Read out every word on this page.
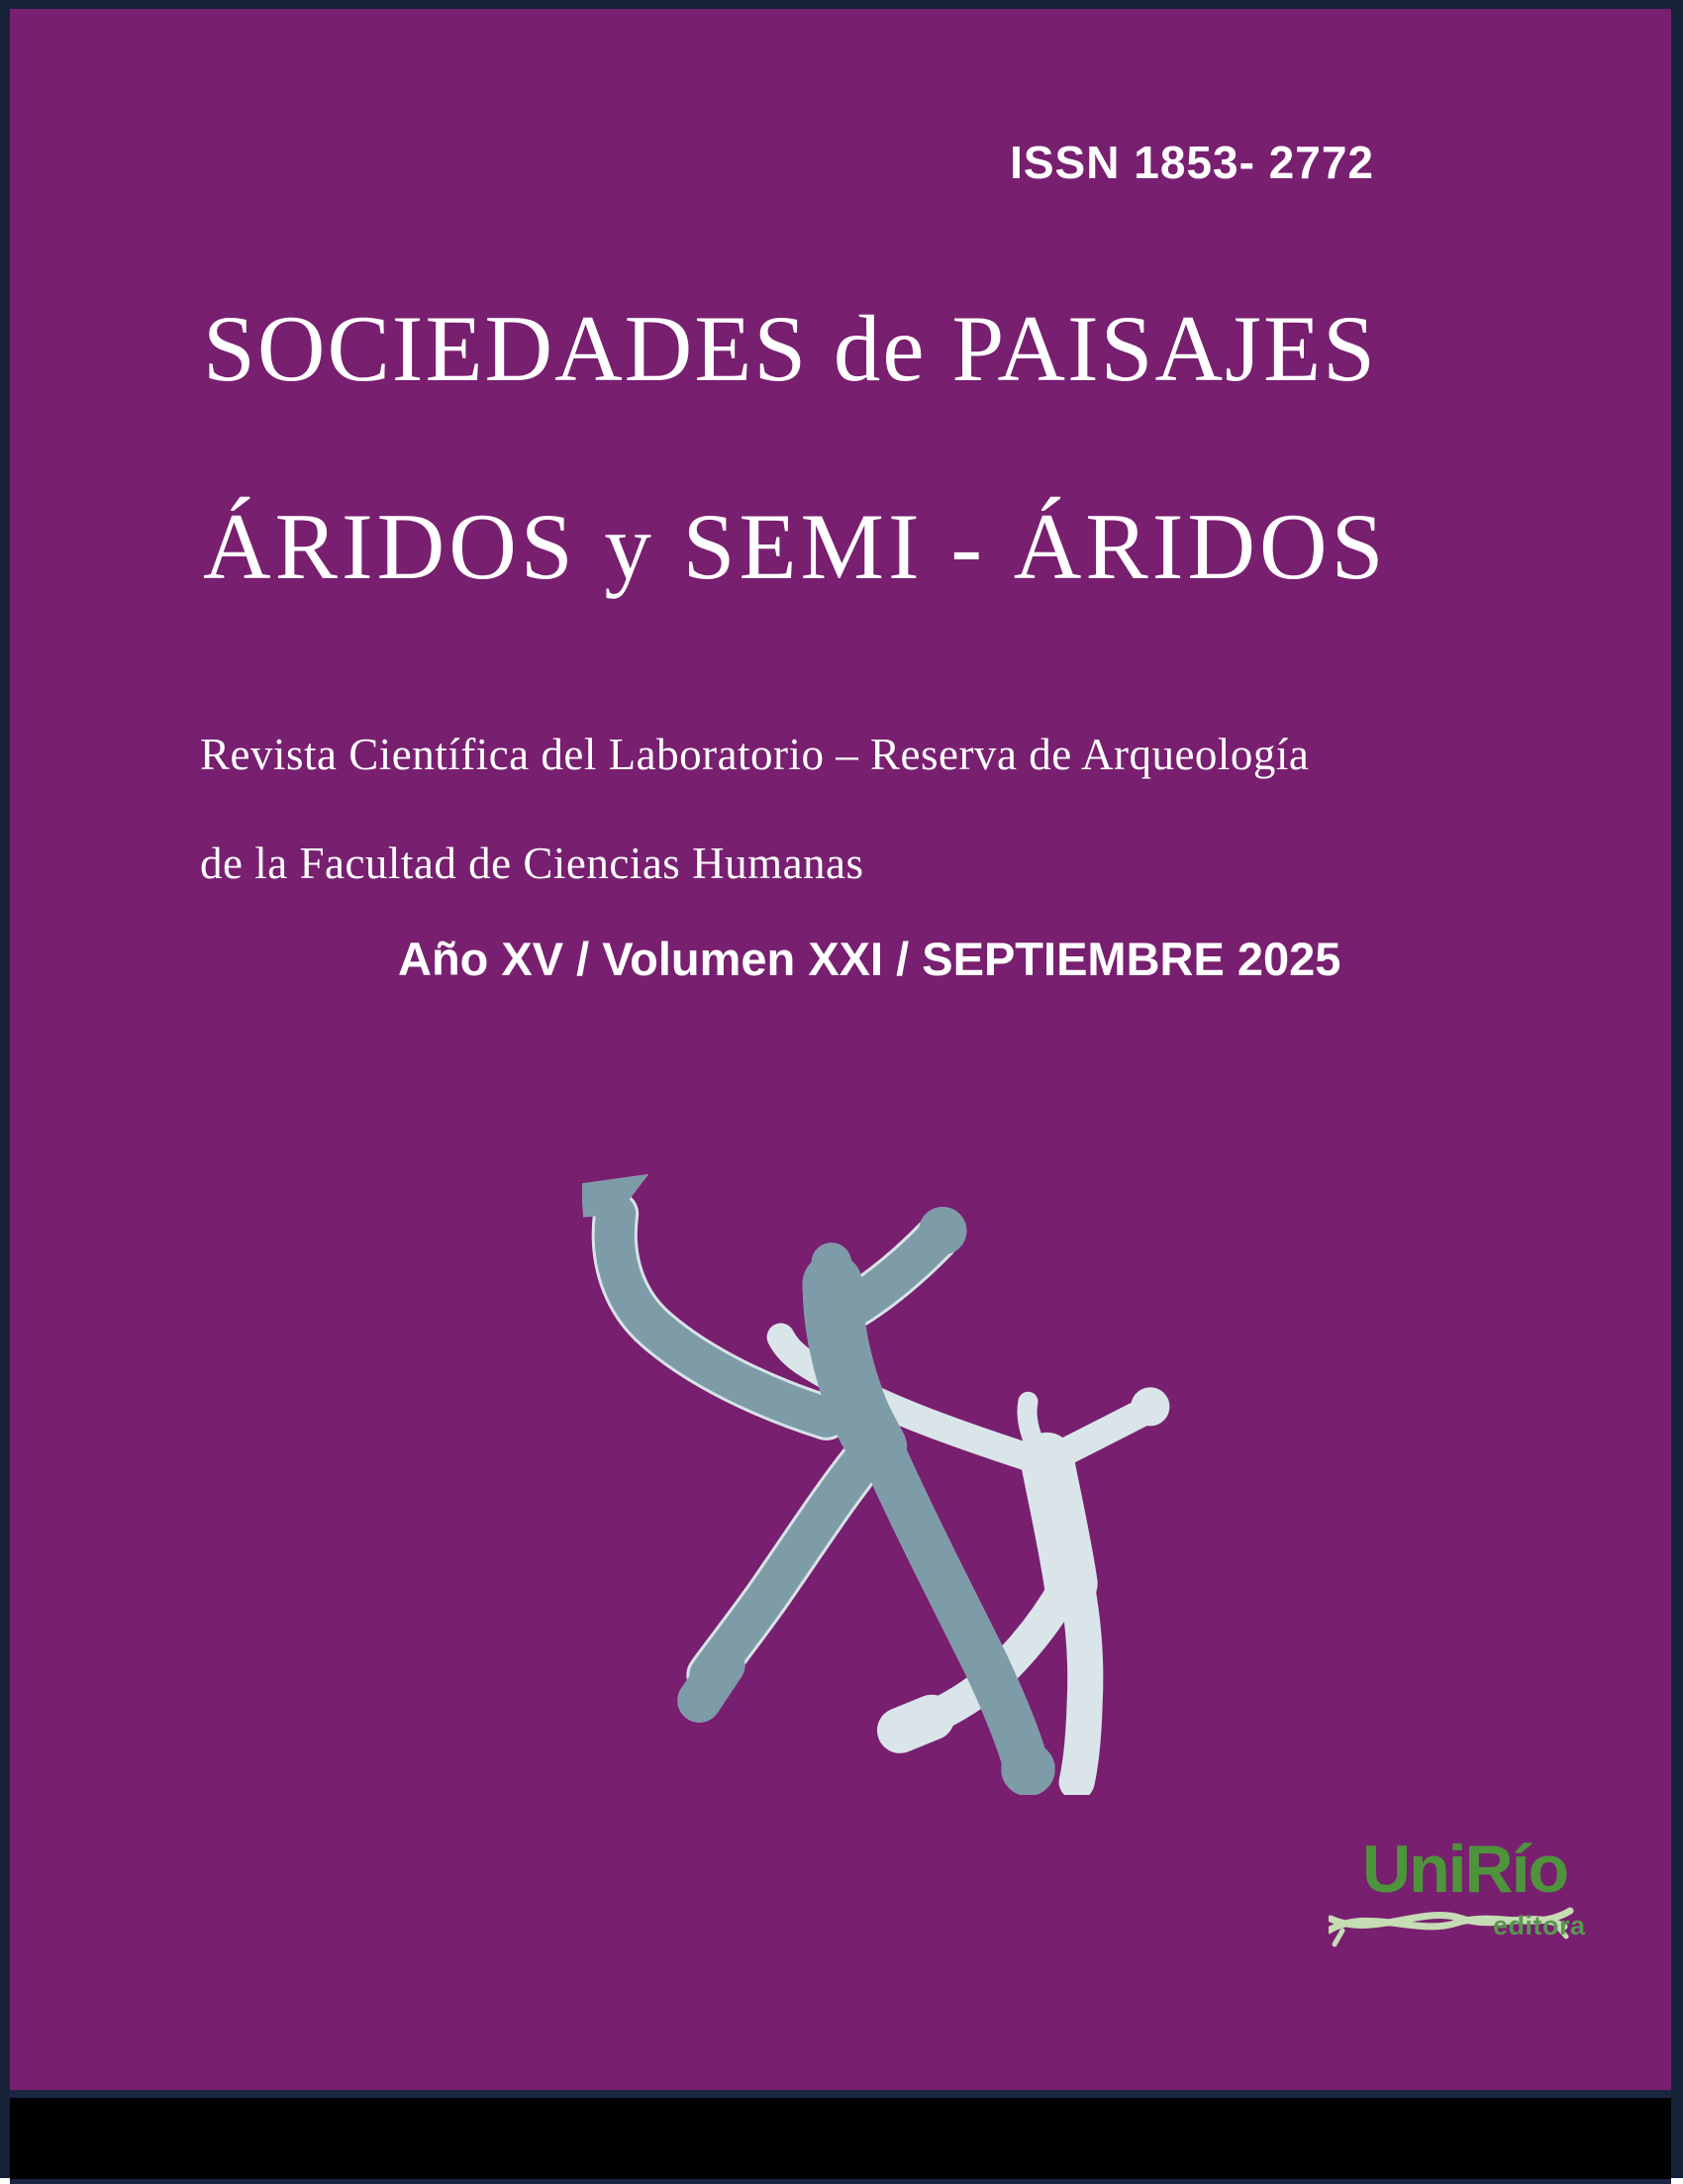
ISSN 1853- 2772
SOCIEDADES de PAISAJES
ÁRIDOS y SEMI - ÁRIDOS
Revista Científica del Laboratorio – Reserva de Arqueología
de la Facultad de Ciencias Humanas
Año XV / Volumen XXI / SEPTIEMBRE 2025
UniRío
editora
